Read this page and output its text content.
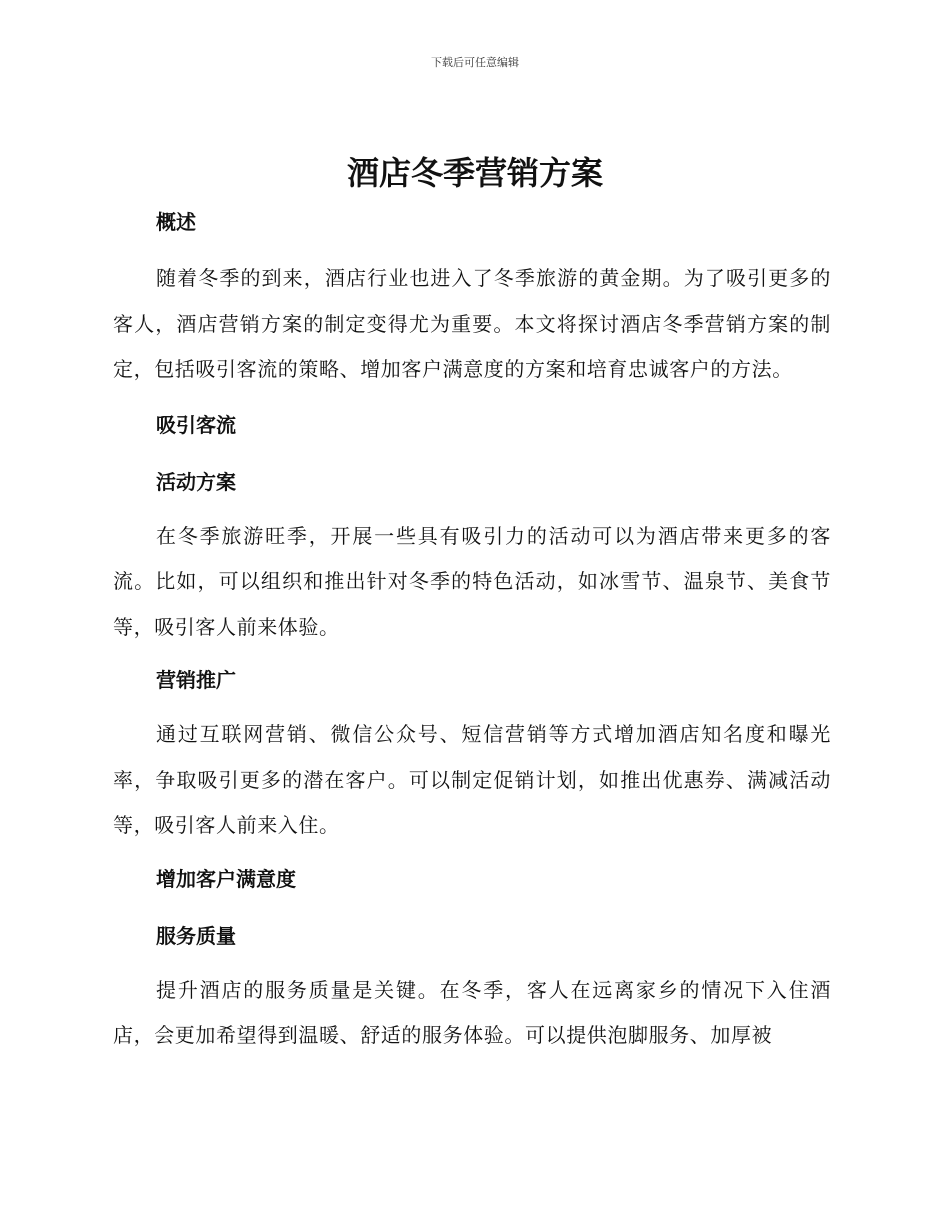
下载后可任意编辑
酒店冬季营销方案
概述

随着冬季的到来，酒店行业也进入了冬季旅游的黄金期。为了吸引更多的客人，酒店营销方案的制定变得尤为重要。本文将探讨酒店冬季营销方案的制定，包括吸引客流的策略、增加客户满意度的方案和培育忠诚客户的方法。

吸引客流
活动方案

在冬季旅游旺季，开展一些具有吸引力的活动可以为酒店带来更多的客流。比如，可以组织和推出针对冬季的特色活动，如冰雪节、温泉节、美食节等，吸引客人前来体验。

营销推广

通过互联网营销、微信公众号、短信营销等方式增加酒店知名度和曝光率，争取吸引更多的潜在客户。可以制定促销计划，如推出优惠券、满减活动等，吸引客人前来入住。

增加客户满意度
服务质量

提升酒店的服务质量是关键。在冬季，客人在远离家乡的情况下入住酒店，会更加希望得到温暖、舒适的服务体验。可以提供泡脚服务、加厚被
